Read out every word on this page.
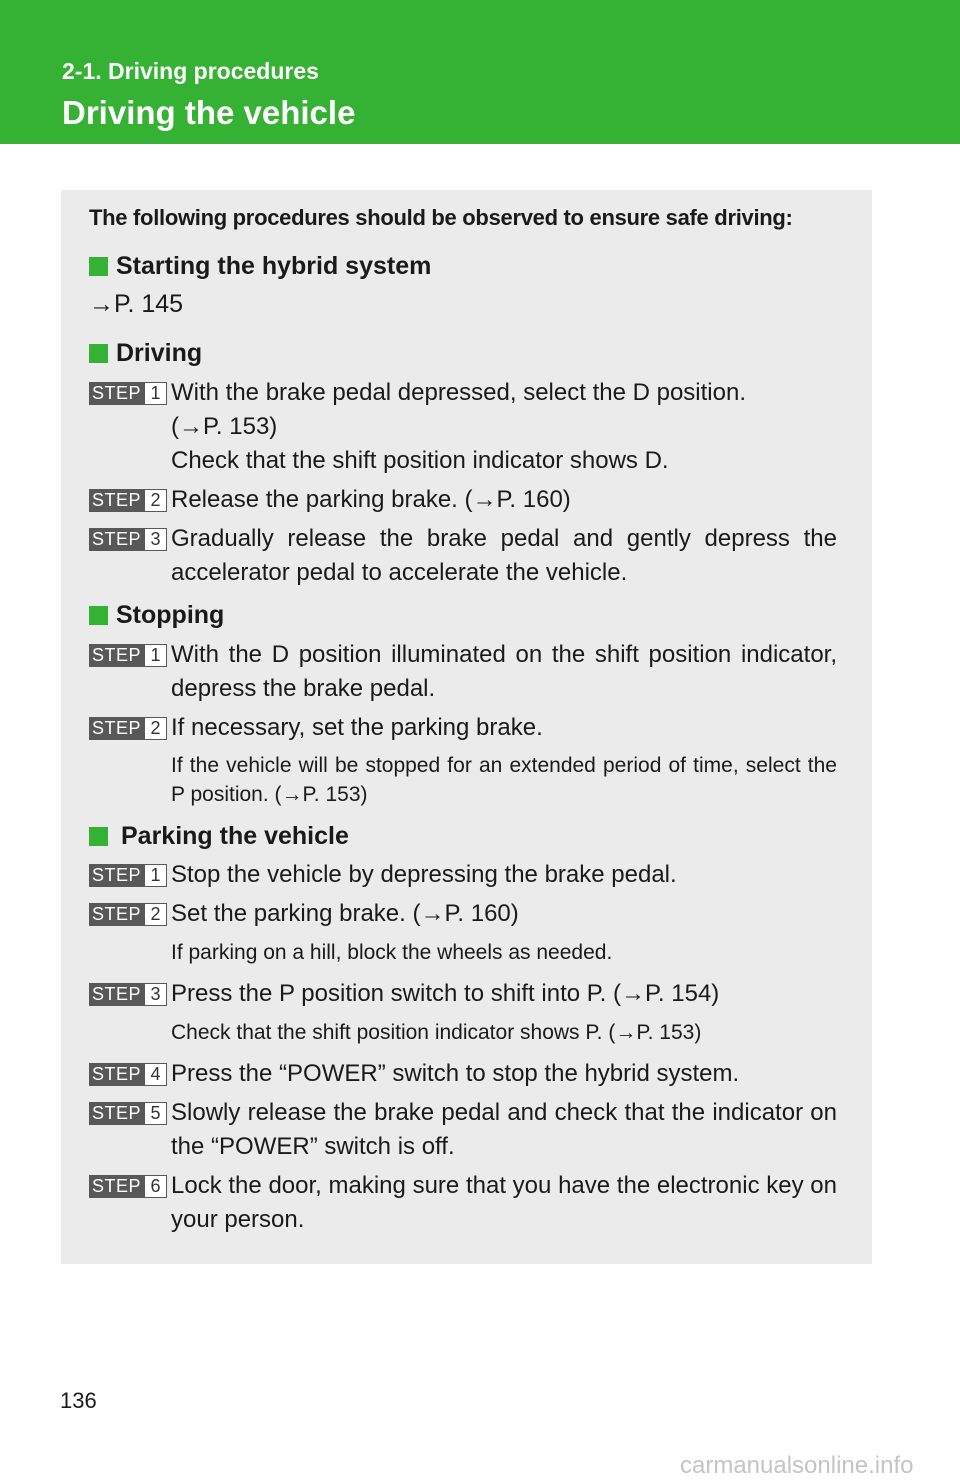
2-1. Driving procedures
Driving the vehicle
The following procedures should be observed to ensure safe driving:
Starting the hybrid system
→P. 145
Driving
STEP 1 With the brake pedal depressed, select the D position.
(→P. 153)
Check that the shift position indicator shows D.
STEP 2 Release the parking brake. (→P. 160)
STEP 3 Gradually release the brake pedal and gently depress the accelerator pedal to accelerate the vehicle.
Stopping
STEP 1 With the D position illuminated on the shift position indicator, depress the brake pedal.
STEP 2 If necessary, set the parking brake.
If the vehicle will be stopped for an extended period of time, select the P position. (→P. 153)
Parking the vehicle
STEP 1 Stop the vehicle by depressing the brake pedal.
STEP 2 Set the parking brake. (→P. 160)
If parking on a hill, block the wheels as needed.
STEP 3 Press the P position switch to shift into P. (→P. 154)
Check that the shift position indicator shows P. (→P. 153)
STEP 4 Press the “POWER” switch to stop the hybrid system.
STEP 5 Slowly release the brake pedal and check that the indicator on the “POWER” switch is off.
STEP 6 Lock the door, making sure that you have the electronic key on your person.
136
carmanualsonline.info
